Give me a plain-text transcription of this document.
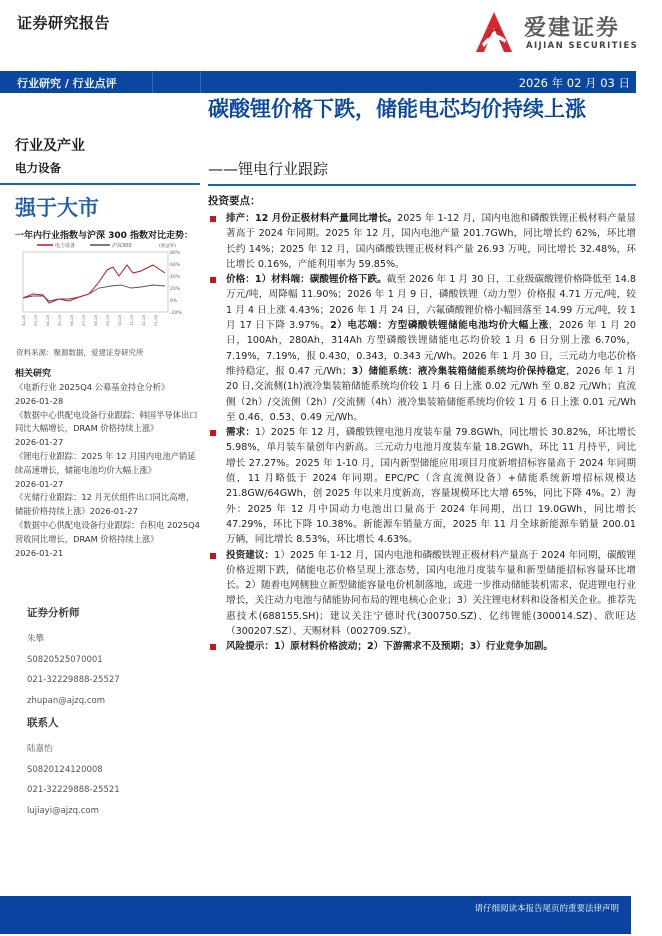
证券研究报告	爱建证券
AIJIAN SECURITIES
行业研究 / 行业点评	2026 年 02 月 03 日
行业及产业
电力设备
碳酸锂价格下跌，储能电芯均价持续上涨
——锂电行业跟踪
强于大市
一年内行业指数与沪深 300 指数对比走势：
电力设备	沪深300	(收益率)
80%
60%
40%
20%
0%
-20%
02-25 03-25 04-25 05-25 06-25 07-25 08-25 09-25 10-25 11-25 12-25 01-26
资料来源：聚源数据，爱建证券研究所
相关研究
《电新行业 2025Q4 公募基金持仓分析》
2026-01-28
《数据中心供配电设备行业跟踪：韩国半导体出口同比大幅增长，DRAM 价格持续上涨》
2026-01-27
《锂电行业跟踪：2025 年 12 月国内电池产销延续高速增长，储能电池均价大幅上涨》
2026-01-27
《光储行业跟踪：12 月光伏组件出口同比高增，储能价格持续上涨》2026-01-27
《数据中心供配电设备行业跟踪：台积电 2025Q4 营收同比增长，DRAM 价格持续上涨》
2026-01-21
证券分析师
朱攀
S0820525070001
021-32229888-25527
zhupan@ajzq.com
联系人
陆嘉怡
S0820124120008
021-32229888-25521
lujiayi@ajzq.com
投资要点：
排产：12 月份正极材料产量同比增长。2025 年 1-12 月，国内电池和磷酸铁锂正极材料产量显著高于 2024 年同期。2025 年 12 月，国内电池产量 201.7GWh，同比增长约 62%，环比增长约 14%；2025 年 12 月，国内磷酸铁锂正极材料产量 26.93 万吨，同比增长 32.48%，环比增长 0.16%，产能利用率为 59.85%。
价格：1）材料端：碳酸锂价格下跌。截至 2026 年 1 月 30 日，工业级碳酸锂价格降低至 14.8 万元/吨，周降幅 11.90%；2026 年 1 月 9 日，磷酸铁锂（动力型）价格报 4.71 万元/吨，较 1 月 4 日上涨 4.43%；2026 年 1 月 24 日，六氟磷酸锂价格小幅回落至 14.99 万元/吨，较 1 月 17 日下降 3.97%。2）电芯端：方型磷酸铁锂储能电池均价大幅上涨，2026 年 1 月 20 日，100Ah，280Ah，314Ah 方型磷酸铁锂储能电芯均价较 1 月 6 日分别上涨 6.70%，7.19%，7.19%，报 0.430，0.343，0.343 元/Wh。2026 年 1 月 30 日，三元动力电芯价格维持稳定，报 0.47 元/Wh；3）储能系统：液冷集装箱储能系统均价保持稳定，2026 年 1 月 20 日,交流侧(1h)液冷集装箱储能系统均价较 1 月 6 日上涨 0.02 元/Wh 至 0.82 元/Wh；直流侧（2h）/交流侧（2h）/交流侧（4h）液冷集装箱储能系统均价较 1 月 6 日上涨 0.01 元/Wh 至 0.46、0.53、0.49 元/Wh。
需求：1）2025 年 12 月，磷酸铁锂电池月度装车量 79.8GWh，同比增长 30.82%，环比增长 5.98%，单月装车量创年内新高。三元动力电池月度装车量 18.2GWh，环比 11 月持平，同比增长 27.27%。2025 年 1-10 月，国内新型储能应用项目月度新增招标容量高于 2024 年同期值，11 月略低于 2024 年同期。EPC/PC（含直流侧设备）+储能系统新增招标规模达 21.8GW/64GWh，创 2025 年以来月度新高，容量规模环比大增 65%，同比下降 4%。2）海外：2025 年 12 月中国动力电池出口量高于 2024 年同期，出口 19.0GWh，同比增长 47.29%，环比下降 10.38%。新能源车销量方面，2025 年 11 月全球新能源车销量 200.01 万辆，同比增长 8.53%，环比增长 4.63%。
投资建议：1）2025 年 1-12 月，国内电池和磷酸铁锂正极材料产量高于 2024 年同期，碳酸锂价格近期下跌，储能电芯价格呈现上涨态势，国内电池月度装车量和新型储能招标容量环比增长。2）随着电网侧独立新型储能容量电价机制落地，或进一步推动储能装机需求，促进锂电行业增长，关注动力电池与储能协同布局的锂电核心企业；3）关注锂电材料和设备相关企业。推荐先惠技术(688155.SH)；建议关注宁德时代(300750.SZ)、亿纬锂能(300014.SZ)、欣旺达（300207.SZ）、天赐材料（002709.SZ）。
风险提示：1）原材料价格波动；2）下游需求不及预期；3）行业竞争加剧。
请仔细阅读本报告尾页的重要法律声明
